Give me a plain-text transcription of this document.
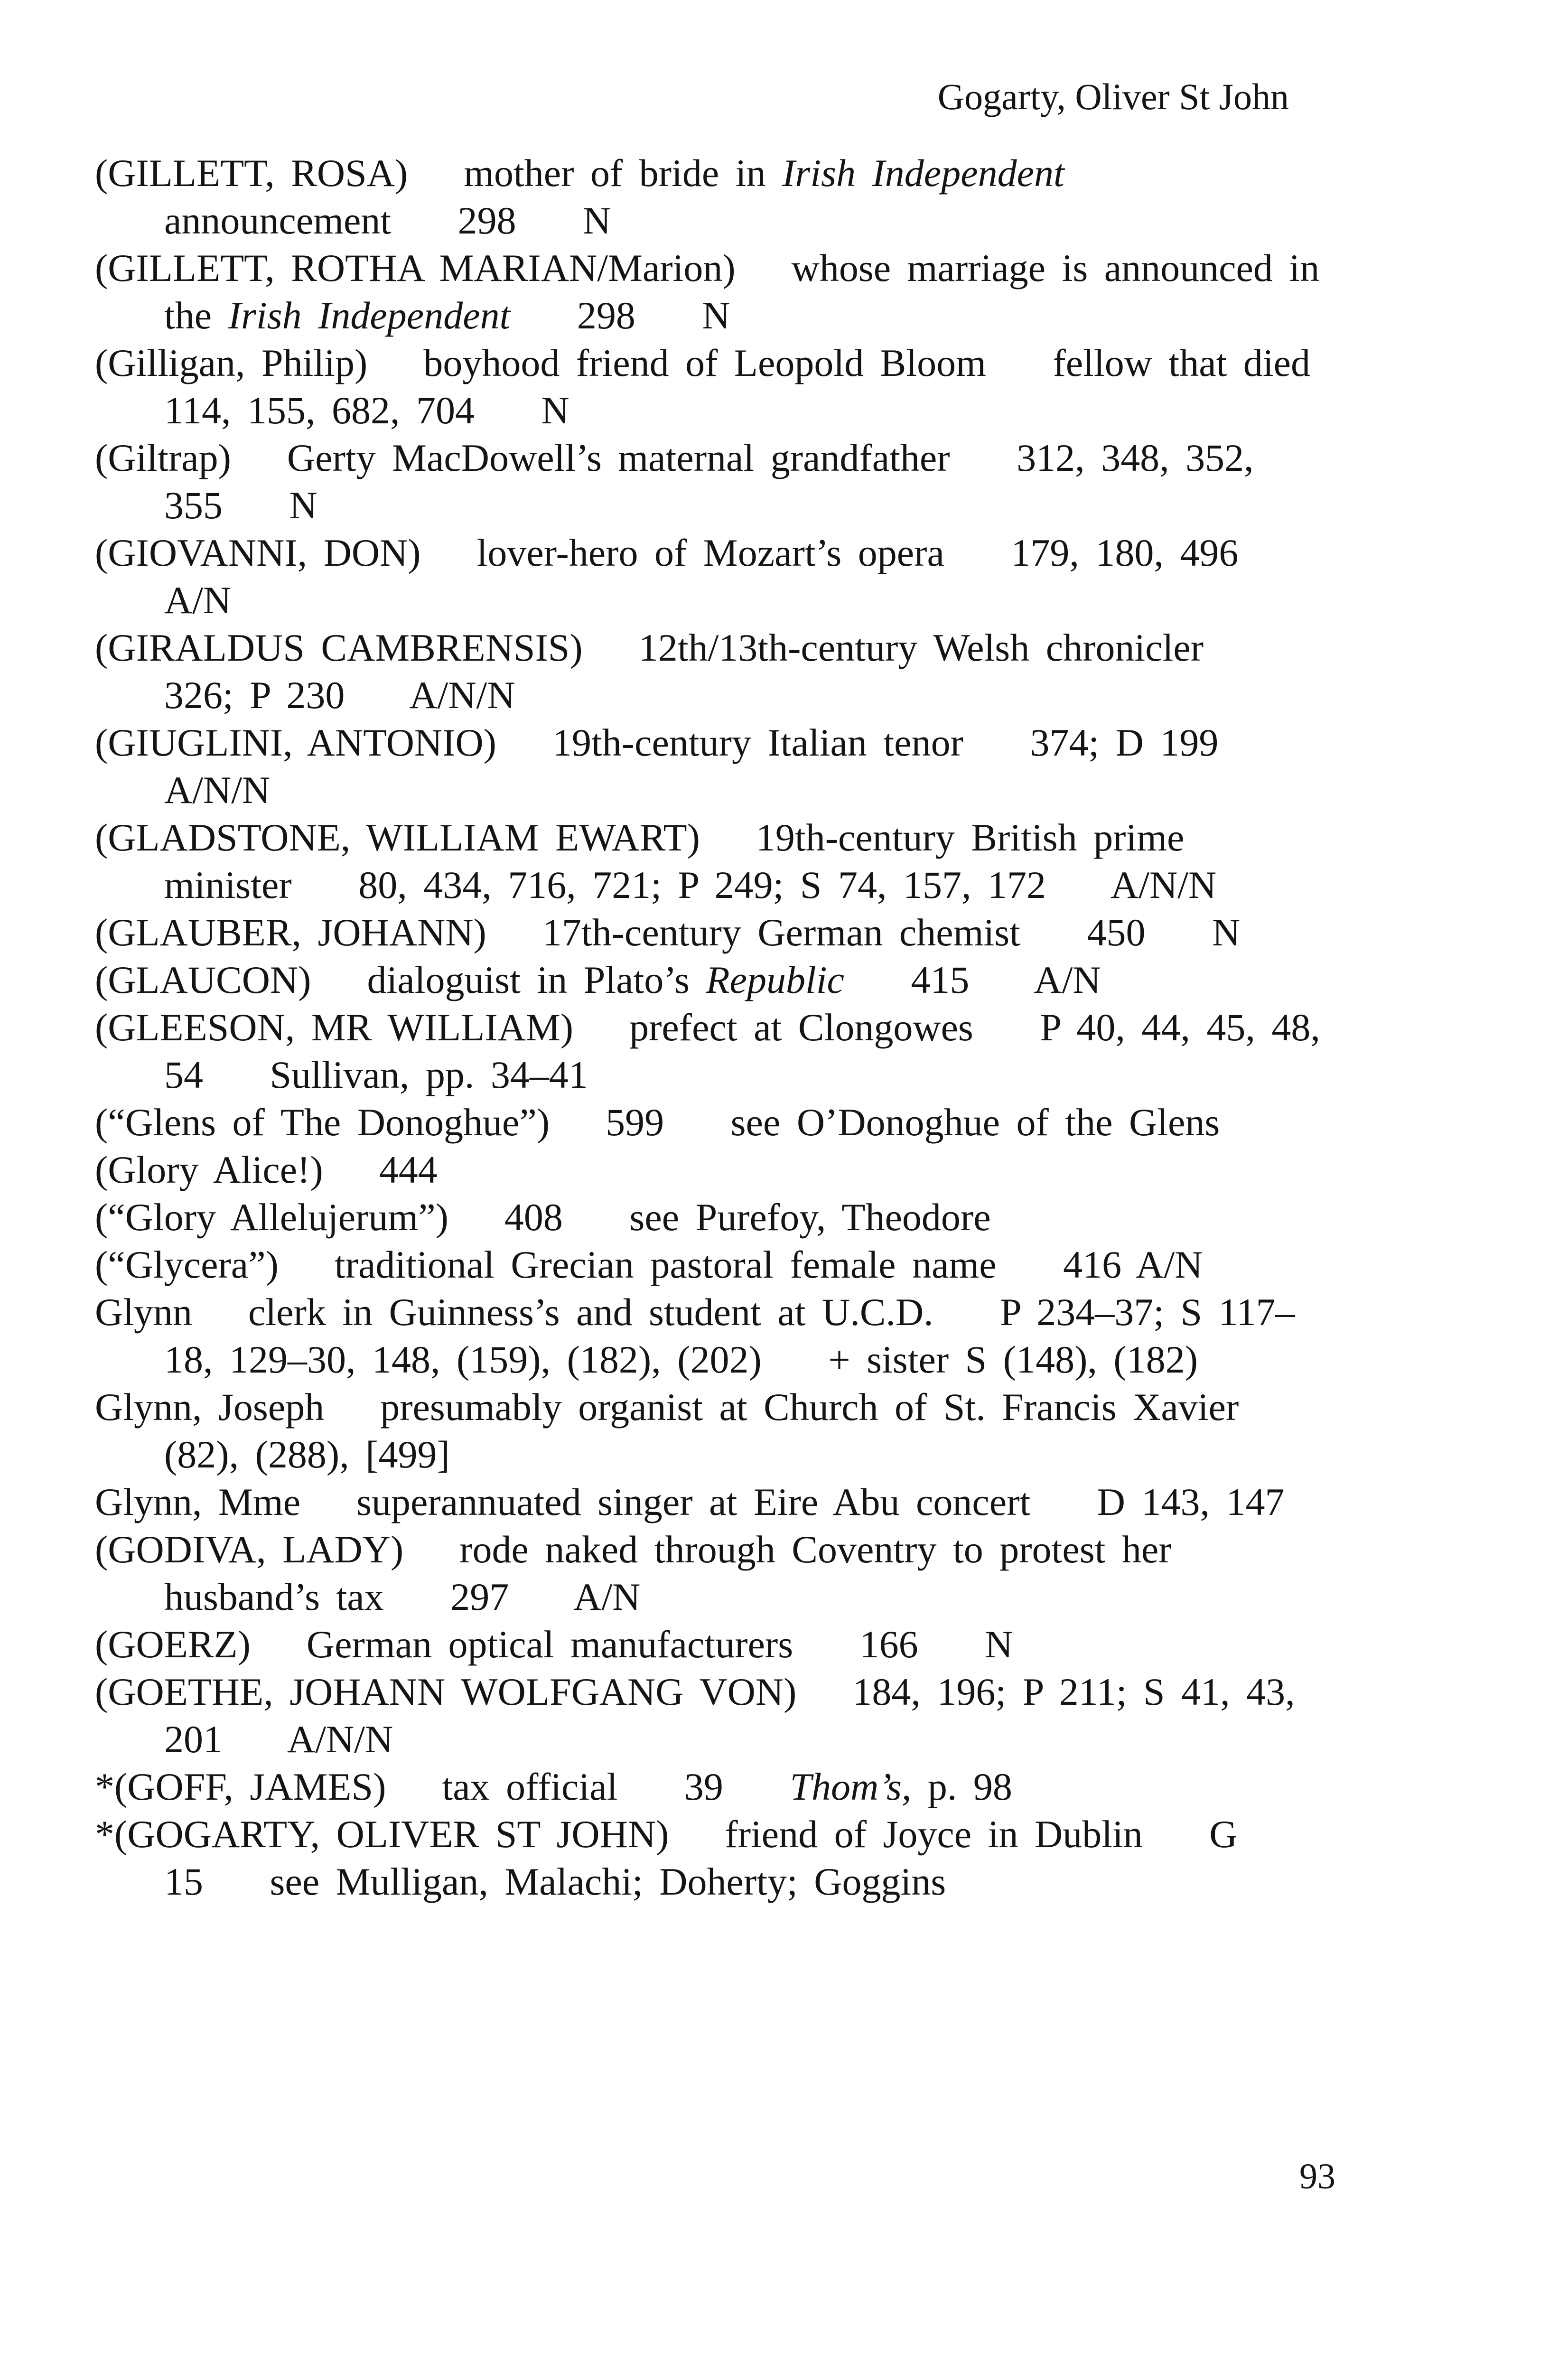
Gogarty, Oliver St John
(GILLETT, ROSA) mother of bride in Irish Independent announcement 298 N
(GILLETT, ROTHA MARIAN/Marion) whose marriage is announced in the Irish Independent 298 N
(Gilligan, Philip) boyhood friend of Leopold Bloom fellow that died 114, 155, 682, 704 N
(Giltrap) Gerty MacDowell’s maternal grandfather 312, 348, 352, 355 N
(GIOVANNI, DON) lover-hero of Mozart’s opera 179, 180, 496 A/N
(GIRALDUS CAMBRENSIS) 12th/13th-century Welsh chronicler 326; P 230 A/N/N
(GIUGLINI, ANTONIO) 19th-century Italian tenor 374; D 199 A/N/N
(GLADSTONE, WILLIAM EWART) 19th-century British prime minister 80, 434, 716, 721; P 249; S 74, 157, 172 A/N/N
(GLAUBER, JOHANN) 17th-century German chemist 450 N
(GLAUCON) dialoguist in Plato’s Republic 415 A/N
(GLEESON, MR WILLIAM) prefect at Clongowes P 40, 44, 45, 48, 54 Sullivan, pp. 34–41
(“Glens of The Donoghue”) 599 see O’Donoghue of the Glens
(Glory Alice!) 444
(“Glory Allelujerum”) 408 see Purefoy, Theodore
(“Glycera”) traditional Grecian pastoral female name 416 A/N
Glynn clerk in Guinness’s and student at U.C.D. P 234–37; S 117–18, 129–30, 148, (159), (182), (202) + sister S (148), (182)
Glynn, Joseph presumably organist at Church of St. Francis Xavier (82), (288), [499]
Glynn, Mme superannuated singer at Eire Abu concert D 143, 147
(GODIVA, LADY) rode naked through Coventry to protest her husband’s tax 297 A/N
(GOERZ) German optical manufacturers 166 N
(GOETHE, JOHANN WOLFGANG VON) 184, 196; P 211; S 41, 43, 201 A/N/N
*(GOFF, JAMES) tax official 39 Thom’s, p. 98
*(GOGARTY, OLIVER ST JOHN) friend of Joyce in Dublin G 15 see Mulligan, Malachi; Doherty; Goggins
93
